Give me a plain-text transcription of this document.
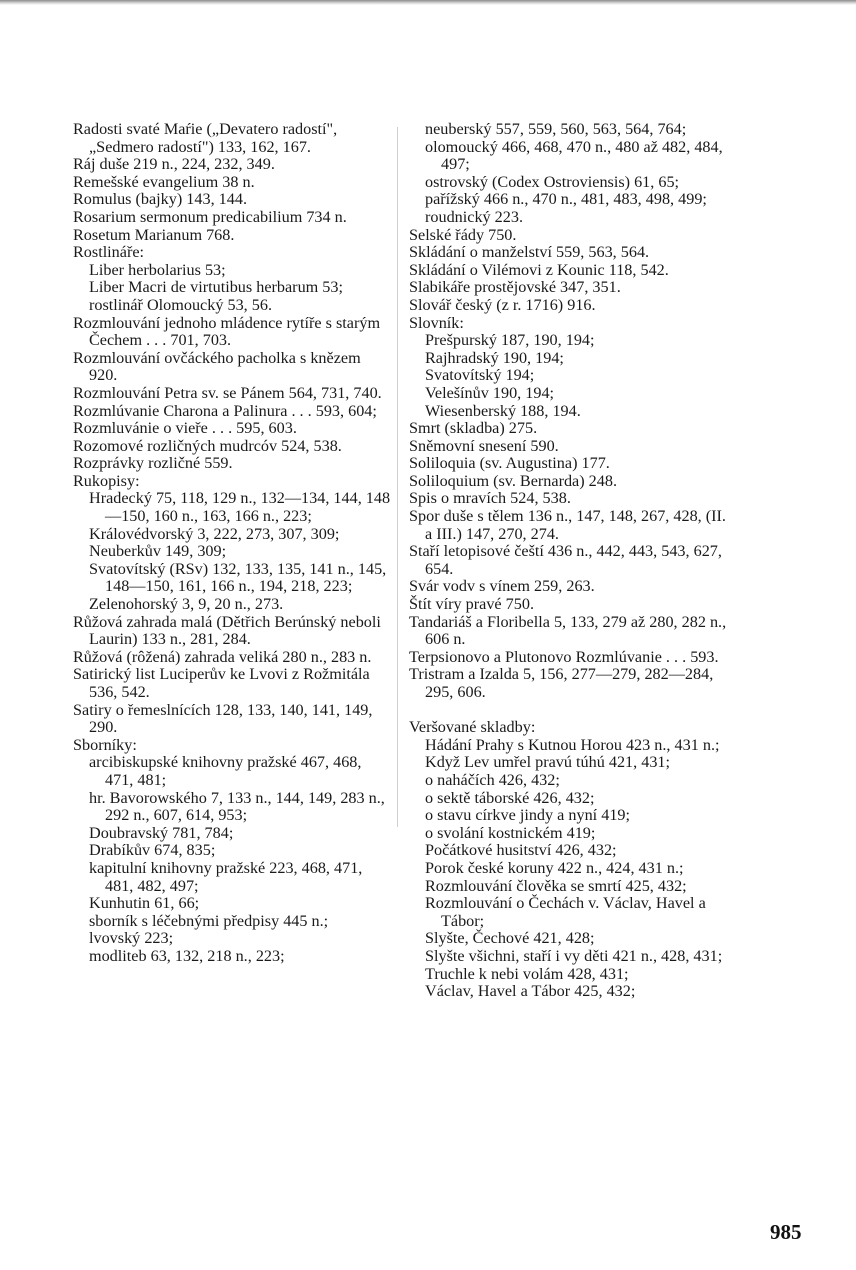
Radosti svaté Maŕie („Devatero radostí", „Sedmero radostí") 133, 162, 167.

Ráj duše 219 n., 224, 232, 349.

Remešské evangelium 38 n.

Romulus (bajky) 143, 144.

Rosarium sermonum predicabilium 734 n.

Rosetum Marianum 768.

Rostlináře:

Liber herbolarius 53;

Liber Macri de virtutibus herbarum 53;

rostlinář Olomoucký 53, 56.

Rozmlouvání jednoho mládence rytíře s starým Čechem . . . 701, 703.

Rozmlouvání ovčáckého pacholka s knězem 920.

Rozmlouvání Petra sv. se Pánem 564, 731, 740.

Rozmlúvanie Charona a Palinura . . . 593, 604;

Rozmluvánie o vieře . . . 595, 603.

Rozomové rozličných mudrcóv 524, 538.

Rozprávky rozličné 559.

Rukopisy:

Hradecký 75, 118, 129 n., 132—134, 144, 148—150, 160 n., 163, 166 n., 223;

Královédvorský 3, 222, 273, 307, 309;

Neuberkův 149, 309;

Svatovítský (RSv) 132, 133, 135, 141 n., 145, 148—150, 161, 166 n., 194, 218, 223;

Zelenohorský 3, 9, 20 n., 273.

Růžová zahrada malá (Dětřich Berúnský neboli Laurin) 133 n., 281, 284.

Růžová (rôžená) zahrada veliká 280 n., 283 n.

Satirický list Luciperův ke Lvovi z Rožmitála 536, 542.

Satiry o řemeslnících 128, 133, 140, 141, 149, 290.

Sborníky:

arcibiskupské knihovny pražské 467, 468, 471, 481;

hr. Bavorowského 7, 133 n., 144, 149, 283 n., 292 n., 607, 614, 953;

Doubravský 781, 784;

Drabíkův 674, 835;

kapitulní knihovny pražské 223, 468, 471, 481, 482, 497;

Kunhutin 61, 66;

sborník s léčebnými předpisy 445 n.;

lvovský 223;

modlitеb 63, 132, 218 n., 223;

neuberský 557, 559, 560, 563, 564, 764;

olomoucký 466, 468, 470 n., 480 až 482, 484, 497;

ostrovský (Codex Ostroviensis) 61, 65;

pařížský 466 n., 470 n., 481, 483, 498, 499;

roudnický 223.

Selské řády 750.

Skládání o manželství 559, 563, 564.

Skládání o Vilémovi z Kounic 118, 542.

Slabikáře prostějovské 347, 351.

Slovář český (z r. 1716) 916.

Slovník:

Prešpurský 187, 190, 194;

Rajhradský 190, 194;

Svatovítský 194;

Velešínův 190, 194;

Wiesenberský 188, 194.

Smrt (skladba) 275.

Sněmovní snesení 590.

Soliloquia (sv. Augustina) 177.

Soliloquium (sv. Bernarda) 248.

Spis o mravích 524, 538.

Spor duše s tělem 136 n., 147, 148, 267, 428, (II. a III.) 147, 270, 274.

Staří letopisové čeští 436 n., 442, 443, 543, 627, 654.

Svár vodv s vínem 259, 263.

Štít víry pravé 750.

Tandariáš a Floribella 5, 133, 279 až 280, 282 n., 606 n.

Terpsionovo a Plutonovo Rozmlúvanie . . . 593.

Tristram a Izalda 5, 156, 277—279, 282—284, 295, 606.

Veršované skladby:

Hádání Prahy s Kutnou Horou 423 n., 431 n.;

Když Lev umřel pravú túhú 421, 431;

o naháčích 426, 432;

o sektě táborské 426, 432;

o stavu církve jindy a nyní 419;

o svolání kostnickém 419;

Počátkové husitství 426, 432;

Porok české koruny 422 n., 424, 431 n.;

Rozmlouvání člověka se smrtí 425, 432;

Rozmlouvání o Čechách v. Václav, Havel a Tábor;

Slyšte, Čechové 421, 428;

Slyšte všichni, staří i vy děti 421 n., 428, 431;

Truchle k nebi volám 428, 431;

Václav, Havel a Tábor 425, 432;

985
